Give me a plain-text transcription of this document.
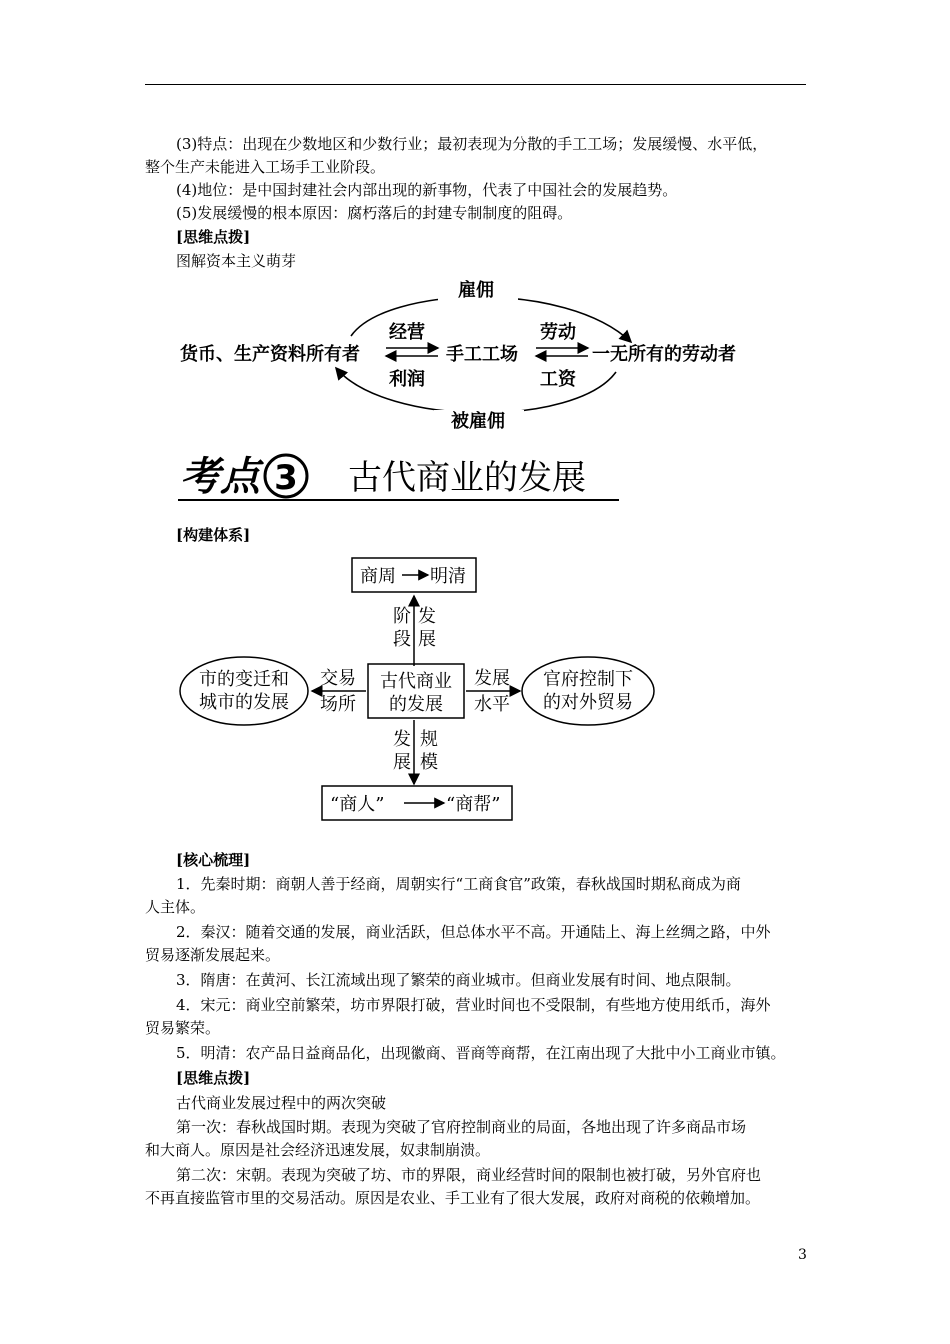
(3)特点：出现在少数地区和少数行业；最初表现为分散的手工工场；发展缓慢、水平低，
整个生产未能进入工场手工业阶段。
(4)地位：是中国封建社会内部出现的新事物，代表了中国社会的发展趋势。
(5)发展缓慢的根本原因：腐朽落后的封建专制制度的阻碍。
[思维点拨]
图解资本主义萌芽
雇佣
被雇佣
货币、生产资料所有者	手工工场	一无所有的劳动者
经营
利润
劳动
工资
考点 3 古代商业的发展
[构建体系]
商周 明清
阶
段
发
展
古代商业
的发展
市的变迁和
城市的发展
交易
场所
官府控制下
的对外贸易
发展
水平
发
展
规
模
“商人”	“商帮”
[核心梳理]
1．先秦时期：商朝人善于经商，周朝实行“工商食官”政策，春秋战国时期私商成为商
人主体。
2．秦汉：随着交通的发展，商业活跃，但总体水平不高。开通陆上、海上丝绸之路，中外
贸易逐渐发展起来。
3．隋唐：在黄河、长江流域出现了繁荣的商业城市。但商业发展有时间、地点限制。
4．宋元：商业空前繁荣，坊市界限打破，营业时间也不受限制，有些地方使用纸币，海外
贸易繁荣。
5．明清：农产品日益商品化，出现徽商、晋商等商帮，在江南出现了大批中小工商业市镇。
[思维点拨]
古代商业发展过程中的两次突破
第一次：春秋战国时期。表现为突破了官府控制商业的局面，各地出现了许多商品市场
和大商人。原因是社会经济迅速发展，奴隶制崩溃。
第二次：宋朝。表现为突破了坊、市的界限，商业经营时间的限制也被打破，另外官府也
不再直接监管市里的交易活动。原因是农业、手工业有了很大发展，政府对商税的依赖增加。
3
